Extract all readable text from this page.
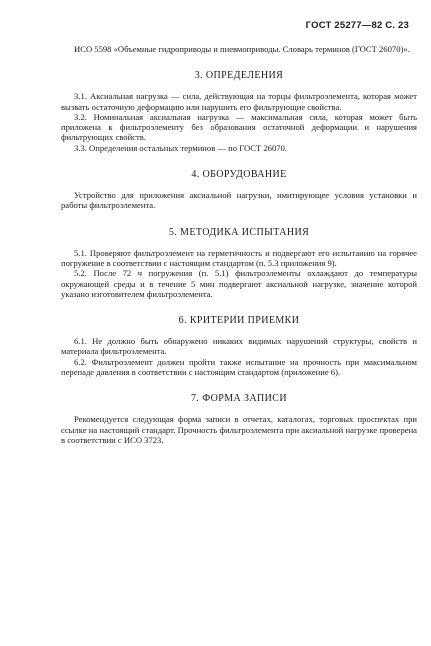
ГОСТ 25277—82 С. 23

ИСО 5598 «Объемные гидроприводы и пневмоприводы. Словарь терминов (ГОСТ 26070)».

3. ОПРЕДЕЛЕНИЯ

3.1. Аксиальная нагрузка — сила, действующая на торцы фильтроэлемента, которая может вызвать остаточную деформацию или нарушить его фильтрующие свойства.

3.2. Номинальная аксиальная нагрузка — максимальная сила, которая может быть приложена к фильтроэлементу без образования остаточной деформации и нарушения фильтрующих свойств.

3.3. Определения остальных терминов — по ГОСТ 26070.

4. ОБОРУДОВАНИЕ

Устройство для приложения аксиальной нагрузки, имитирующее условия установки и работы фильтроэлемента.

5. МЕТОДИКА ИСПЫТАНИЯ

5.1. Проверяют фильтроэлемент на герметичность и подвергают его испытанию на горячее погружение в соответствии с настоящим стандартом (п. 5.3 приложения 9).

5.2. После 72 ч погружения (п. 5.1) фильтроэлементы охлаждают до температуры окружающей среды и в течение 5 мин подвергают аксиальной нагрузке, значение которой указано изготовителем фильтроэлемента.

6. КРИТЕРИИ ПРИЕМКИ

6.1. Не должно быть обнаружено никаких видимых нарушений структуры, свойств и материала фильтроэлемента.

6.2. Фильтроэлемент должен пройти также испытание на прочность при максимальном перепаде давления в соответствии с настоящим стандартом (приложение 6).

7. ФОРМА ЗАПИСИ

Рекомендуется следующая форма записи в отчетах, каталогах, торговых проспектах при ссылке на настоящий стандарт. Прочность фильтроэлемента при аксиальной нагрузке проверена в соответствии с ИСО 3723.
